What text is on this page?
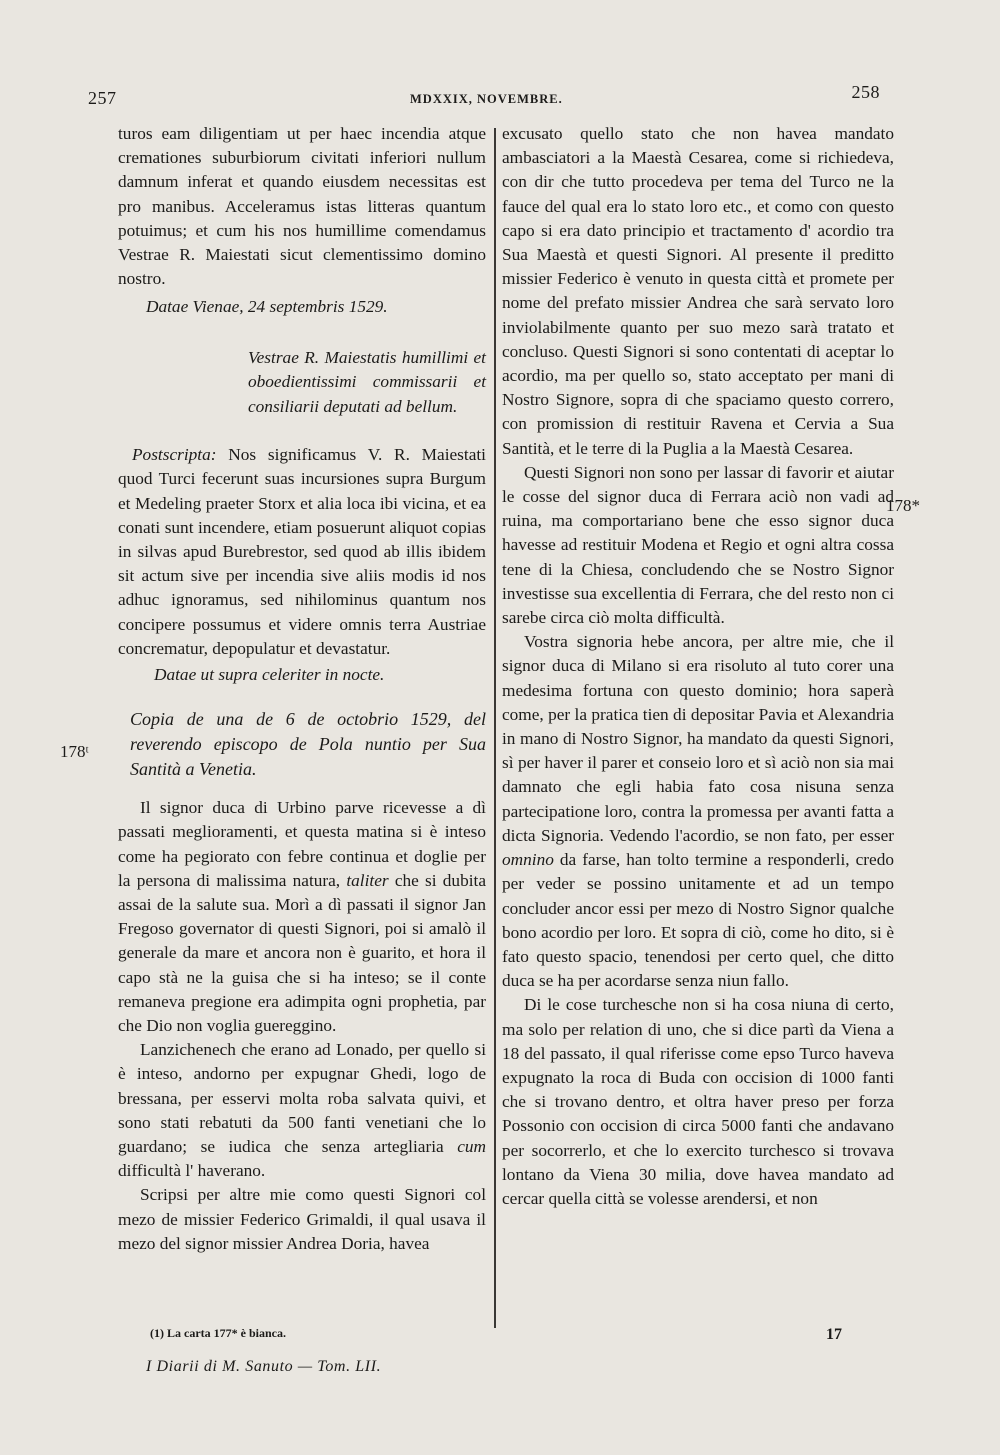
257	MDXXIX, NOVEMBRE.	258
178ᵗ
178*

turos eam diligentiam ut per haec incendia atque cremationes suburbiorum civitati inferiori nullum damnum inferat et quando eiusdem necessitas est pro manibus. Acceleramus istas litteras quantum potuimus; et cum his nos humillime comendamus Vestrae R. Maiestati sicut clementissimo domino nostro.

Datae Vienae, 24 septembris 1529.

Vestrae R. Maiestatis humillimi et oboedientissimi commissarii et consiliarii deputati ad bellum.

Postscripta: Nos significamus V. R. Maiestati quod Turci fecerunt suas incursiones supra Burgum et Medeling praeter Storx et alia loca ibi vicina, et ea conati sunt incendere, etiam posuerunt aliquot copias in silvas apud Burebrestor, sed quod ab illis ibidem sit actum sive per incendia sive aliis modis id nos adhuc ignoramus, sed nihilominus quantum nos concipere possumus et videre omnis terra Austriae concrematur, depopulatur et devastatur.

Datae ut supra celeriter in nocte.

Copia de una de 6 de octobrio 1529, del reverendo episcopo de Pola nuntio per Sua Santità a Venetia.

Il signor duca di Urbino parve ricevesse a dì passati meglioramenti, et questa matina si è inteso come ha pegiorato con febre continua et doglie per la persona di malissima natura, taliter che si dubita assai de la salute sua. Morì a dì passati il signor Jan Fregoso governator di questi Signori, poi si amalò il generale da mare et ancora non è guarito, et hora il capo stà ne la guisa che si ha inteso; se il conte remaneva pregione era adimpita ogni prophetia, par che Dio non voglia guereggino.

Lanzichenech che erano ad Lonado, per quello si è inteso, andorno per expugnar Ghedi, logo de bressana, per esservi molta roba salvata quivi, et sono stati rebatuti da 500 fanti venetiani che lo guardano; se iudica che senza artegliaria cum difficultà l' haverano.

Scripsi per altre mie como questi Signori col mezo de missier Federico Grimaldi, il qual usava il mezo del signor missier Andrea Doria, havea

excusato quello stato che non havea mandato ambasciatori a la Maestà Cesarea, come si richiedeva, con dir che tutto procedeva per tema del Turco ne la fauce del qual era lo stato loro etc., et como con questo capo si era dato principio et tractamento d' acordio tra Sua Maestà et questi Signori. Al presente il preditto missier Federico è venuto in questa città et promete per nome del prefato missier Andrea che sarà servato loro inviolabilmente quanto per suo mezo sarà tratato et concluso. Questi Signori si sono contentati di aceptar lo acordio, ma per quello so, stato acceptato per mani di Nostro Signore, sopra di che spaciamo questo correro, con promission di restituir Ravena et Cervia a Sua Santità, et le terre di la Puglia a la Maestà Cesarea.

Questi Signori non sono per lassar di favorir et aiutar le cosse del signor duca di Ferrara aciò non vadi ad ruina, ma comportariano bene che esso signor duca havesse ad restituir Modena et Regio et ogni altra cossa tene di la Chiesa, concludendo che se Nostro Signor investisse sua excellentia di Ferrara, che del resto non ci sarebe circa ciò molta difficultà.

Vostra signoria hebe ancora, per altre mie, che il signor duca di Milano si era risoluto al tuto corer una medesima fortuna con questo dominio; hora saperà come, per la pratica tien di depositar Pavia et Alexandria in mano di Nostro Signor, ha mandato da questi Signori, sì per haver il parer et conseio loro et sì aciò non sia mai damnato che egli habia fato cosa nisuna senza partecipatione loro, contra la promessa per avanti fatta a dicta Signoria. Vedendo l'acordio, se non fato, per esser omnino da farse, han tolto termine a responderli, credo per veder se possino unitamente et ad un tempo concluder ancor essi per mezo di Nostro Signor qualche bono acordio per loro. Et sopra di ciò, come ho dito, si è fato questo spacio, tenendosi per certo quel, che ditto duca se ha per acordarse senza niun fallo.

Di le cose turchesche non si ha cosa niuna di certo, ma solo per relation di uno, che si dice partì da Viena a 18 del passato, il qual riferisse come epso Turco haveva expugnato la roca di Buda con occision di 1000 fanti che si trovano dentro, et oltra haver preso per forza Possonio con occision di circa 5000 fanti che andavano per socorrerlo, et che lo exercito turchesco si trovava lontano da Viena 30 milia, dove havea mandato ad cercar quella città se volesse arendersi, et non

(1) La carta 177* è bianca.
I Diarii di M. Sanuto — Tom. LII.
17
